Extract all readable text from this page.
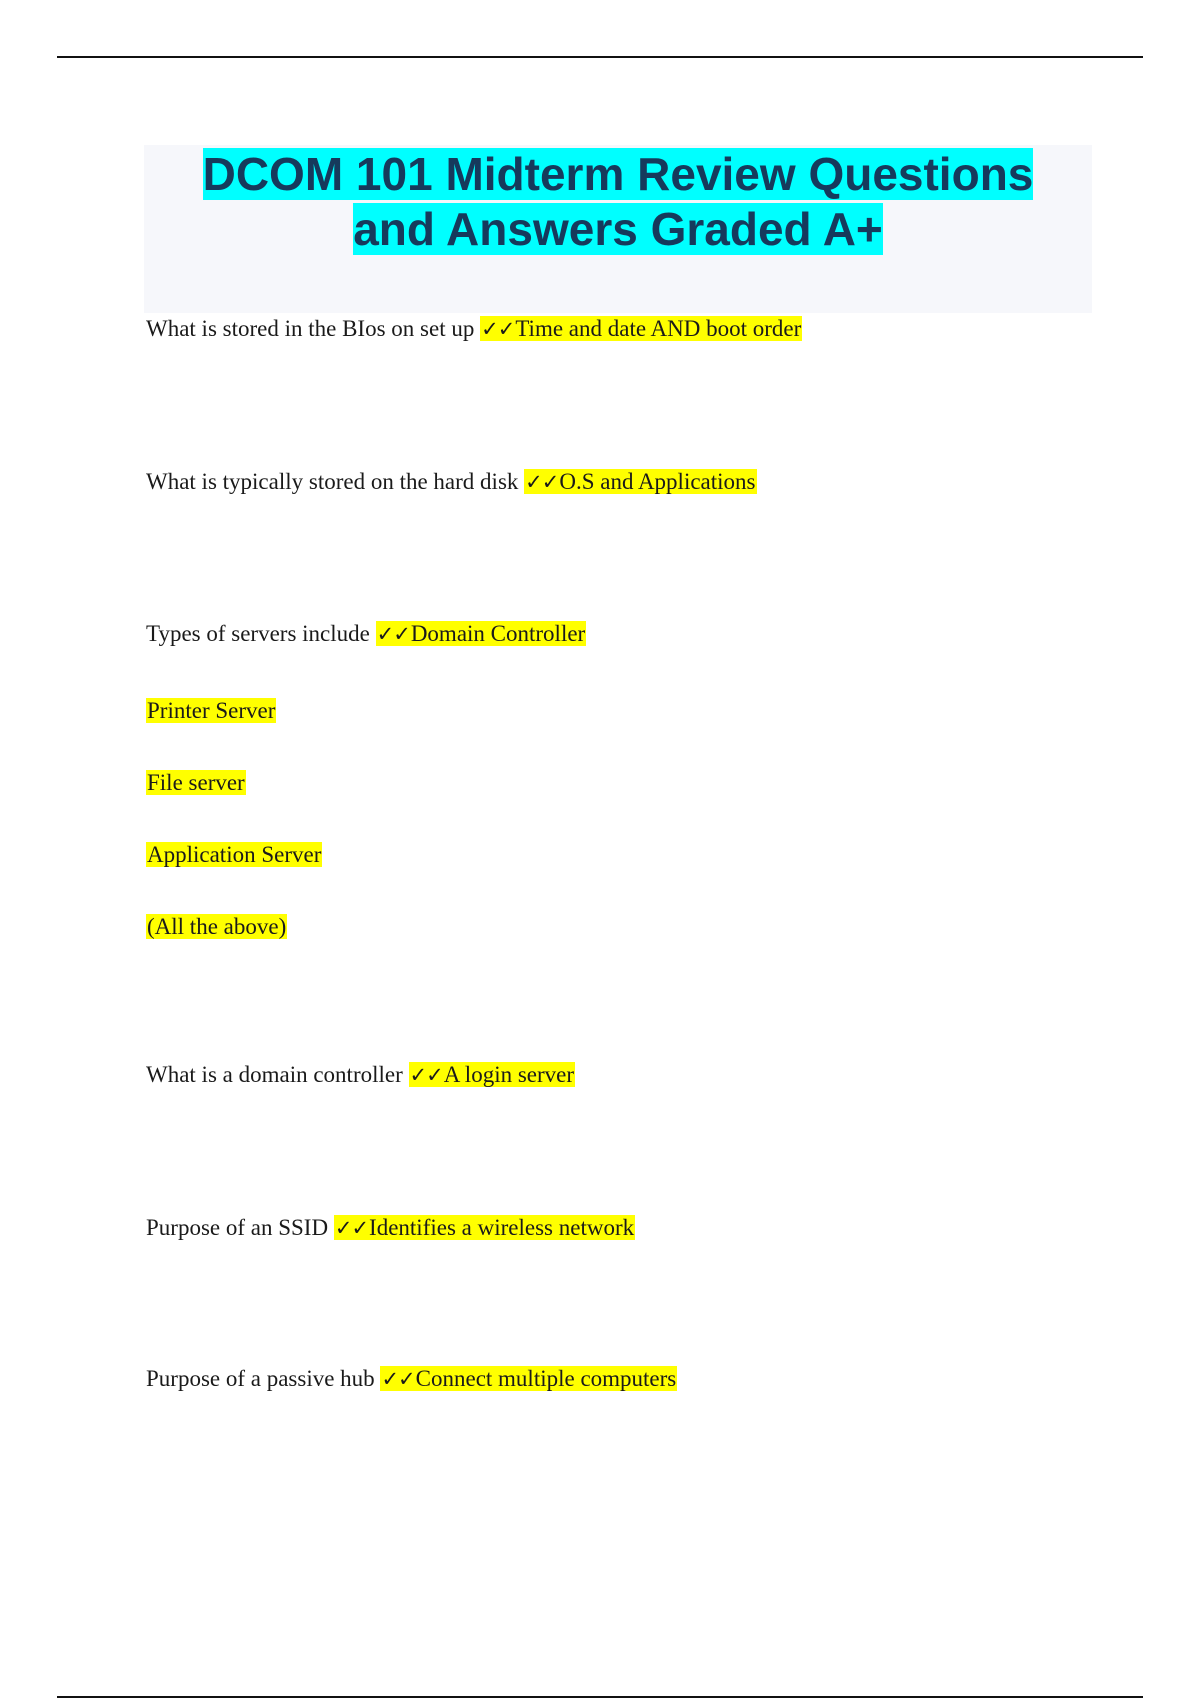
DCOM 101 Midterm Review Questions
and Answers Graded A+
What is stored in the BIos on set up ✓✓Time and date AND boot order
What is typically stored on the hard disk ✓✓O.S and Applications
Types of servers include ✓✓Domain Controller
Printer Server
File server
Application Server
(All the above)
What is a domain controller ✓✓A login server
Purpose of an SSID ✓✓Identifies a wireless network
Purpose of a passive hub ✓✓Connect multiple computers
